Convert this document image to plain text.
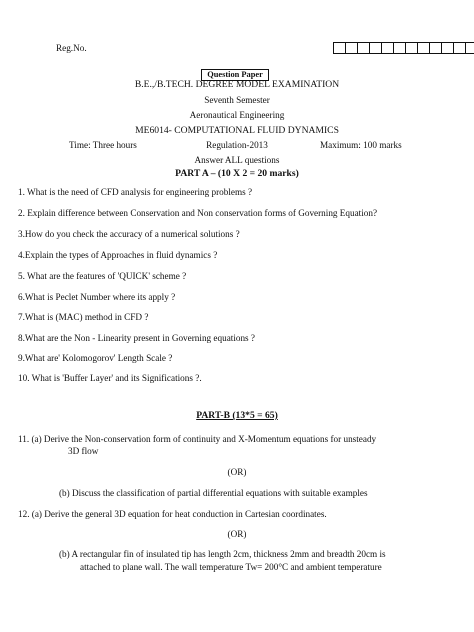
Reg.No.
Question Paper
B.E.,/B.TECH. DEGREE MODEL EXAMINATION
Seventh Semester
Aeronautical Engineering
ME6014- COMPUTATIONAL FLUID DYNAMICS
Regulation-2013
Time: Three hours	Maximum: 100 marks
Answer ALL questions
PART A – (10 X 2 = 20 marks)
1. What is the need of CFD analysis for engineering problems ?
2. Explain difference between Conservation and Non conservation forms of Governing Equation?
3.How do you check the accuracy of a numerical solutions ?
4.Explain the types of Approaches in fluid dynamics ?
5. What are the features of 'QUICK' scheme ?
6.What is Peclet Number where its apply ?
7.What is (MAC) method in CFD ?
8.What are the Non - Linearity present in Governing equations ?
9.What are' Kolomogorov' Length Scale ?
10. What is 'Buffer Layer' and its Significations ?.
PART-B (13*5 = 65)
11. (a) Derive the Non-conservation form of continuity and X-Momentum equations for unsteady
3D flow
(OR)
(b) Discuss the classification of partial differential equations with suitable examples
12. (a) Derive the general 3D equation for heat conduction in Cartesian coordinates.
(OR)
(b) A rectangular fin of insulated tip has length 2cm, thickness 2mm and breadth 20cm is
attached to plane wall. The wall temperature Tw= 200°C and ambient temperature
